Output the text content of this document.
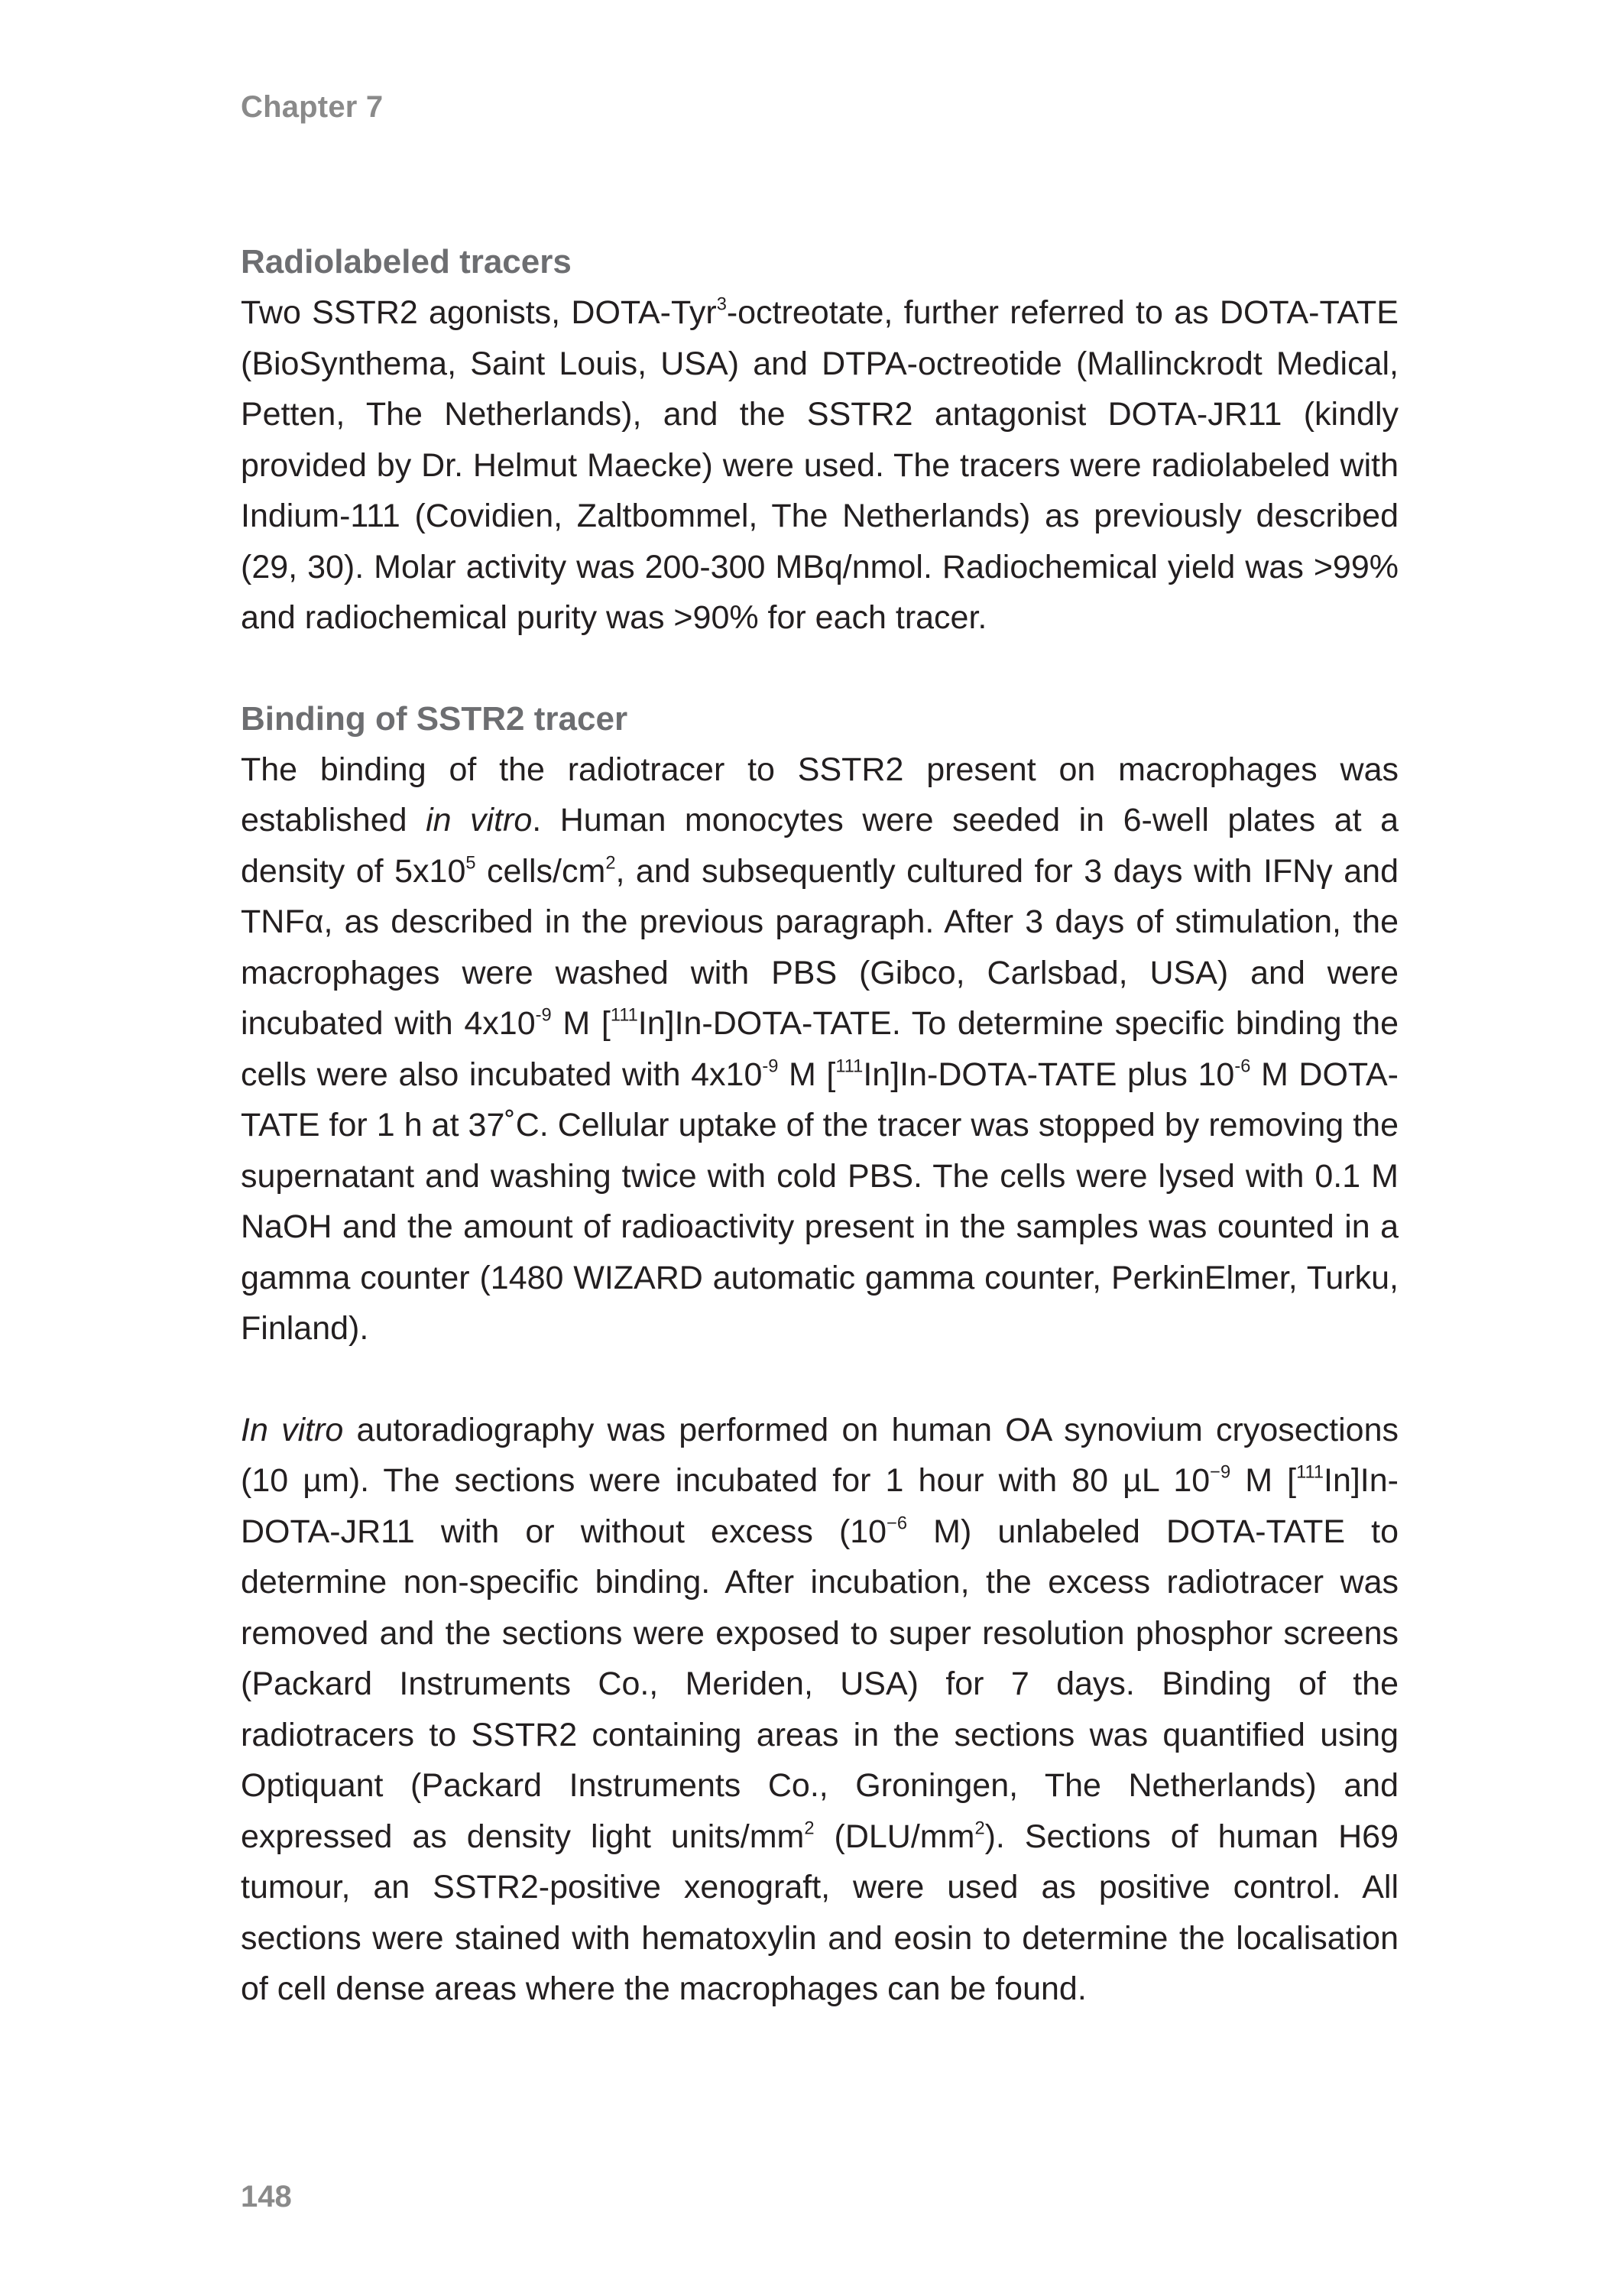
Chapter 7
Radiolabeled tracers

Two SSTR2 agonists, DOTA-Tyr$^3$-octreotate, further referred to as DOTA-TATE (BioSynthema, Saint Louis, USA) and DTPA-octreotide (Mallinckrodt Medical, Petten, The Netherlands), and the SSTR2 antagonist DOTA-JR11 (kindly provided by Dr. Helmut Maecke) were used. The tracers were radiolabeled with Indium-111 (Covidien, Zaltbommel, The Netherlands) as previously described (29, 30). Molar activity was 200-300 MBq/nmol. Radiochemical yield was >99% and radiochemical purity was >90% for each tracer.

Binding of SSTR2 tracer

The binding of the radiotracer to SSTR2 present on macrophages was established in vitro. Human monocytes were seeded in 6-well plates at a density of $5x10^5$ cells/$cm^2$, and subsequently cultured for 3 days with IFNγ and TNFα, as described in the previous paragraph. After 3 days of stimulation, the macrophages were washed with PBS (Gibco, Carlsbad, USA) and were incubated with $4x10^{-9}$ M [$^{111}$In]In-DOTA-TATE. To determine specific binding the cells were also incubated with $4x10^{-9}$ M [$^{111}$In]In-DOTA-TATE plus $10^{-6}$ M DOTA-TATE for 1 h at 37˚C. Cellular uptake of the tracer was stopped by removing the supernatant and washing twice with cold PBS. The cells were lysed with 0.1 M NaOH and the amount of radioactivity present in the samples was counted in a gamma counter (1480 WIZARD automatic gamma counter, PerkinElmer, Turku, Finland).

In vitro autoradiography was performed on human OA synovium cryosections (10 µm). The sections were incubated for 1 hour with 80 µL $10^{-9}$ M [$^{111}$In]In-DOTA-JR11 with or without excess ($10^{-6}$ M) unlabeled DOTA-TATE to determine non-specific binding. After incubation, the excess radiotracer was removed and the sections were exposed to super resolution phosphor screens (Packard Instruments Co., Meriden, USA) for 7 days. Binding of the radiotracers to SSTR2 containing areas in the sections was quantified using Optiquant (Packard Instruments Co., Groningen, The Netherlands) and expressed as density light units/$mm^2$ $(DLU/mm^2)$. Sections of human H69 tumour, an SSTR2-positive xenograft, were used as positive control. All sections were stained with hematoxylin and eosin to determine the localisation of cell dense areas where the macrophages can be found.

148
